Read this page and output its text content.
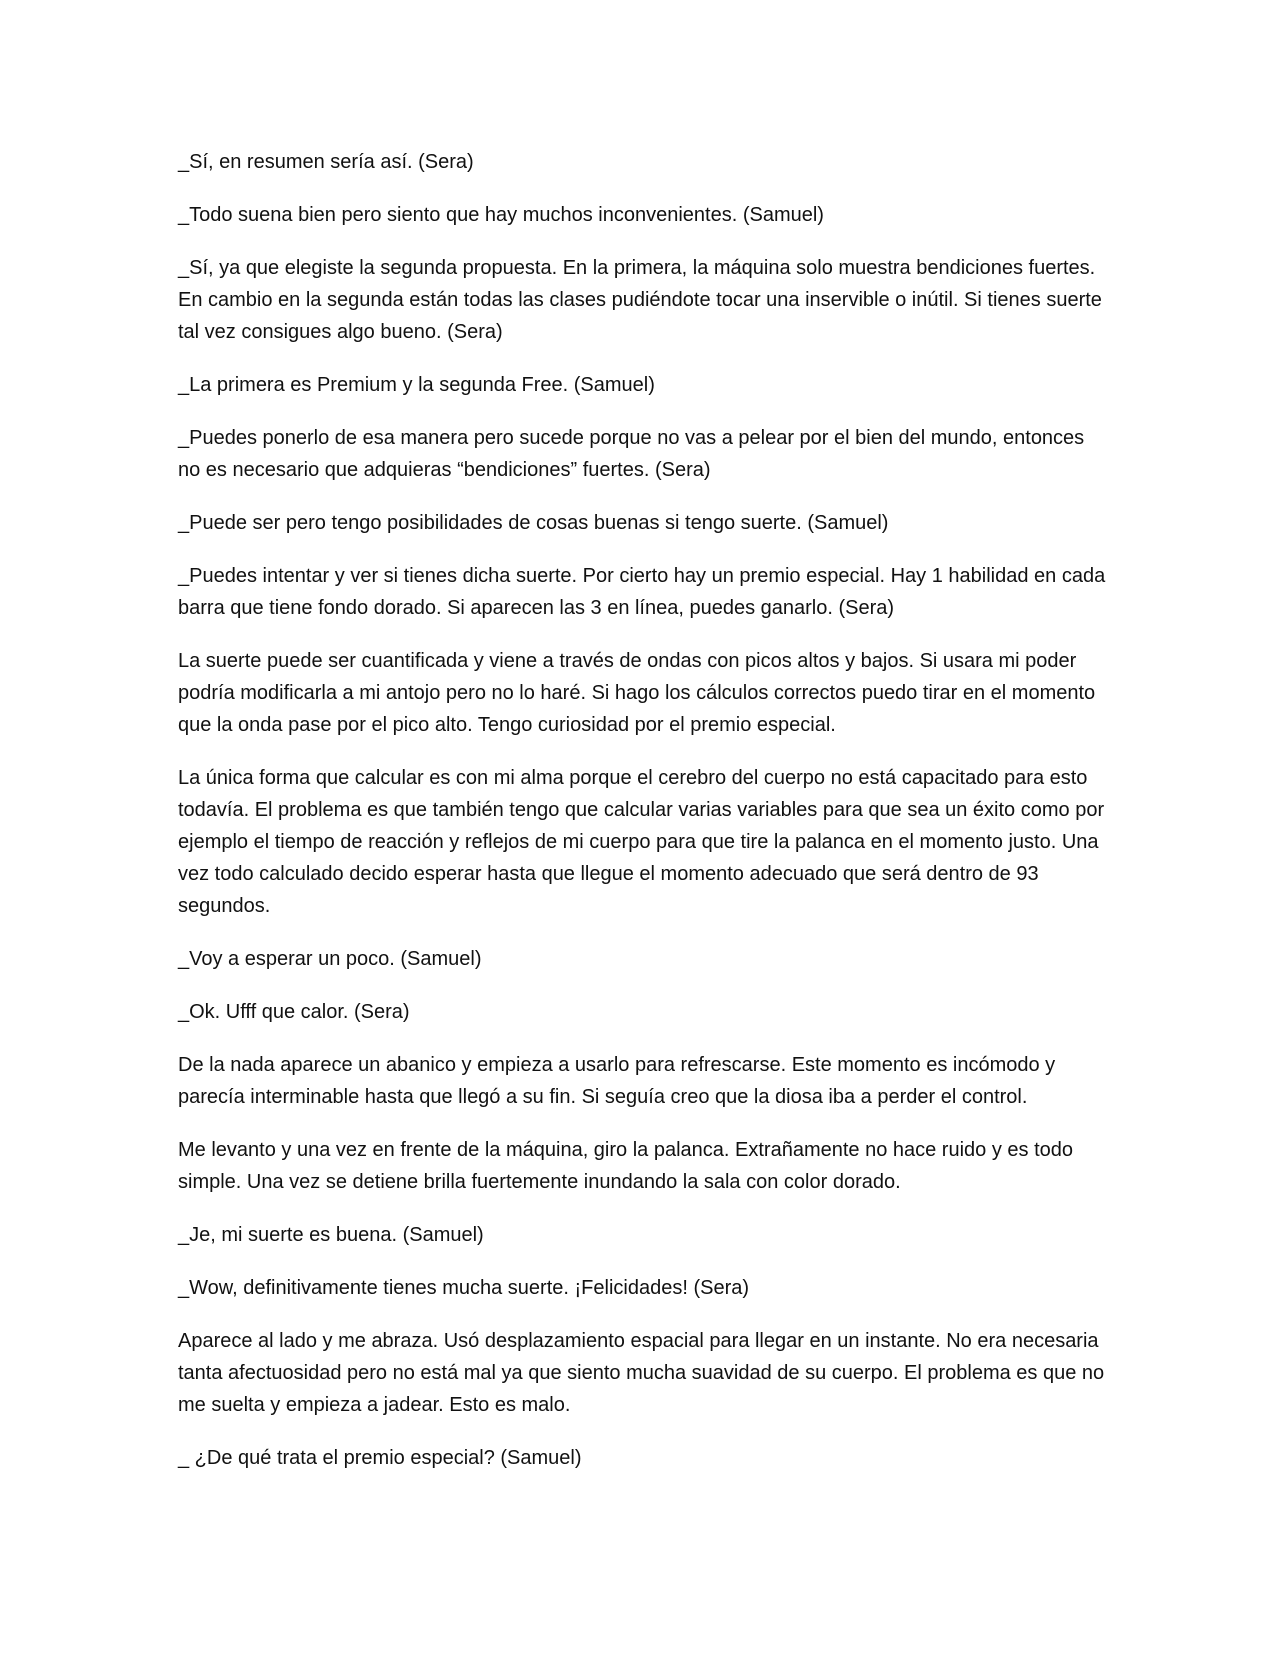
_Sí, en resumen sería así. (Sera)

_Todo suena bien pero siento que hay muchos inconvenientes. (Samuel)

_Sí, ya que elegiste la segunda propuesta. En la primera, la máquina solo muestra bendiciones fuertes. En cambio en la segunda están todas las clases pudiéndote tocar una inservible o inútil. Si tienes suerte tal vez consigues algo bueno. (Sera)

_La primera es Premium y la segunda Free. (Samuel)

_Puedes ponerlo de esa manera pero sucede porque no vas a pelear por el bien del mundo, entonces no es necesario que adquieras “bendiciones” fuertes. (Sera)

_Puede ser pero tengo posibilidades de cosas buenas si tengo suerte. (Samuel)

_Puedes intentar y ver si tienes dicha suerte. Por cierto hay un premio especial. Hay 1 habilidad en cada barra que tiene fondo dorado. Si aparecen las 3 en línea, puedes ganarlo. (Sera)

La suerte puede ser cuantificada y viene a través de ondas con picos altos y bajos. Si usara mi poder podría modificarla a mi antojo pero no lo haré. Si hago los cálculos correctos puedo tirar en el momento que la onda pase por el pico alto. Tengo curiosidad por el premio especial.

La única forma que calcular es con mi alma porque el cerebro del cuerpo no está capacitado para esto todavía. El problema es que también tengo que calcular varias variables para que sea un éxito como por ejemplo el tiempo de reacción y reflejos de mi cuerpo para que tire la palanca en el momento justo. Una vez todo calculado decido esperar hasta que llegue el momento adecuado que será dentro de 93 segundos.

_Voy a esperar un poco. (Samuel)

_Ok. Ufff que calor. (Sera)

De la nada aparece un abanico y empieza a usarlo para refrescarse. Este momento es incómodo y parecía interminable hasta que llegó a su fin. Si seguía creo que la diosa iba a perder el control.

Me levanto y una vez en frente de la máquina, giro la palanca. Extrañamente no hace ruido y es todo simple. Una vez se detiene brilla fuertemente inundando la sala con color dorado.

_Je, mi suerte es buena. (Samuel)

_Wow, definitivamente tienes mucha suerte. ¡Felicidades! (Sera)

Aparece al lado y me abraza. Usó desplazamiento espacial para llegar en un instante. No era necesaria tanta afectuosidad pero no está mal ya que siento mucha suavidad de su cuerpo. El problema es que no me suelta y empieza a jadear. Esto es malo.

_ ¿De qué trata el premio especial? (Samuel)
